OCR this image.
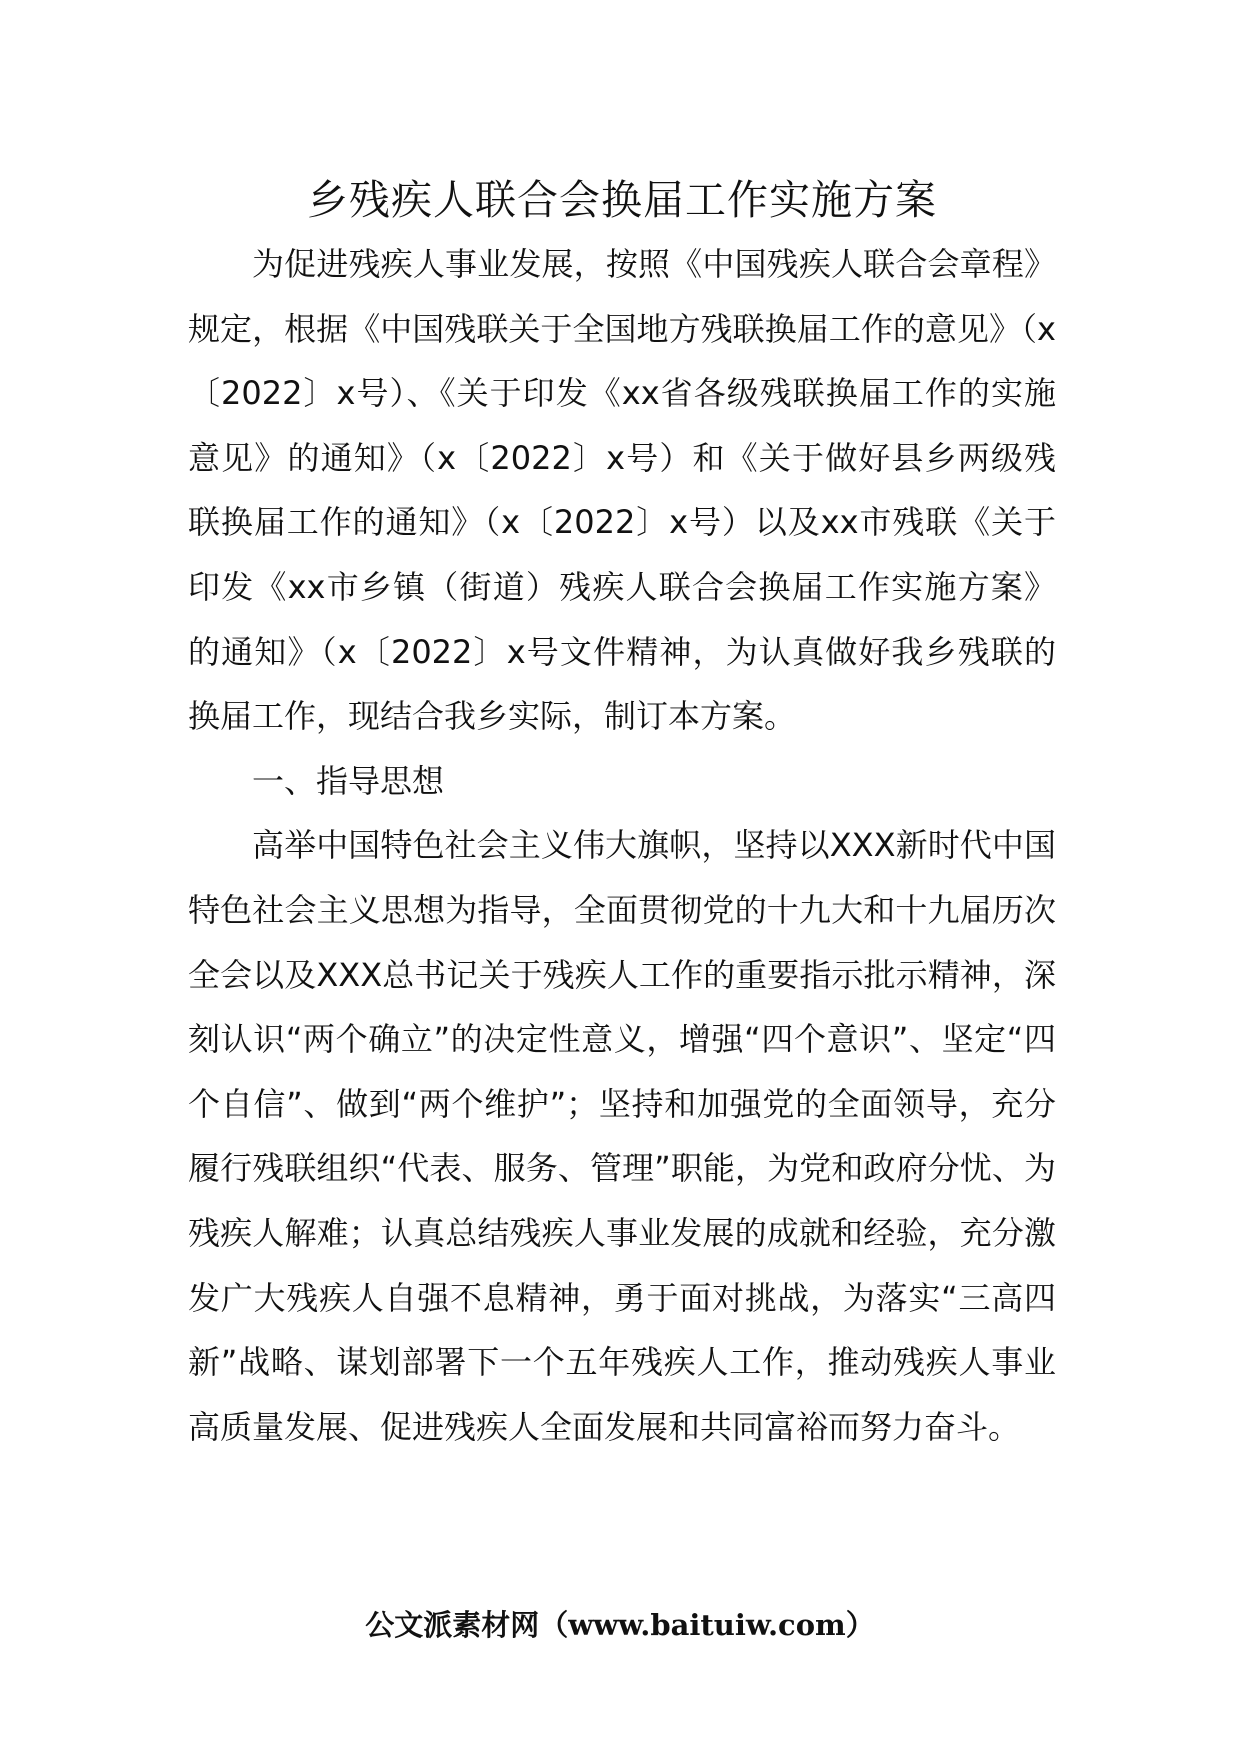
乡残疾人联合会换届工作实施方案

为促进残疾人事业发展，按照《中国残疾人联合会章程》规定，根据《中国残联关于全国地方残联换届工作的意见》（x〔2022〕x号）、《关于印发《xx省各级残联换届工作的实施意见》的通知》（x〔2022〕x号）和《关于做好县乡两级残联换届工作的通知》（x〔2022〕x号）以及xx市残联《关于印发《xx市乡镇（街道）残疾人联合会换届工作实施方案》的通知》（x〔2022〕x号文件精神，为认真做好我乡残联的换届工作，现结合我乡实际，制订本方案。

一、指导思想

高举中国特色社会主义伟大旗帜，坚持以XXX新时代中国特色社会主义思想为指导，全面贯彻党的十九大和十九届历次全会以及XXX总书记关于残疾人工作的重要指示批示精神，深刻认识“两个确立”的决定性意义，增强“四个意识”、坚定“四个自信”、做到“两个维护”；坚持和加强党的全面领导，充分履行残联组织“代表、服务、管理”职能，为党和政府分忧、为残疾人解难；认真总结残疾人事业发展的成就和经验，充分激发广大残疾人自强不息精神，勇于面对挑战，为落实“三高四新”战略、谋划部署下一个五年残疾人工作，推动残疾人事业高质量发展、促进残疾人全面发展和共同富裕而努力奋斗。

公文派素材网（www.baituiw.com）
